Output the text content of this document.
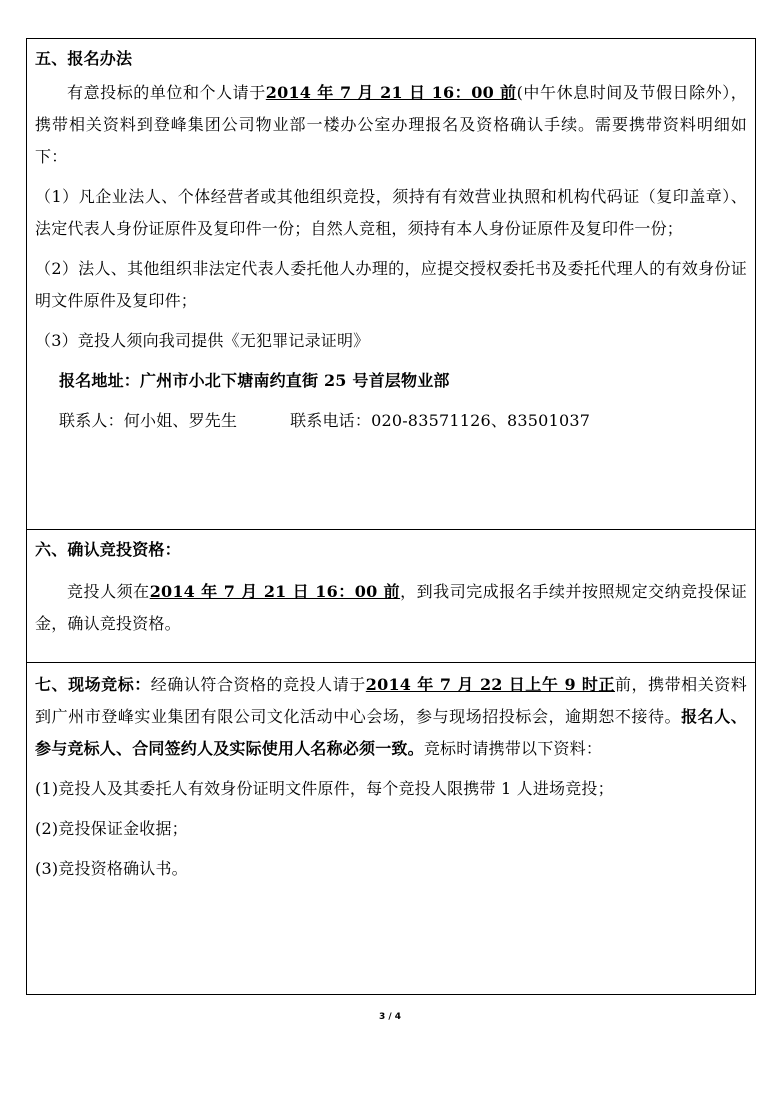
五、报名办法

有意投标的单位和个人请于2014 年 7 月 21 日 16：00 前(中午休息时间及节假日除外），携带相关资料到登峰集团公司物业部一楼办公室办理报名及资格确认手续。需要携带资料明细如下：

（1）凡企业法人、个体经营者或其他组织竞投，须持有有效营业执照和机构代码证（复印盖章）、法定代表人身份证原件及复印件一份；自然人竞租，须持有本人身份证原件及复印件一份；

（2）法人、其他组织非法定代表人委托他人办理的，应提交授权委托书及委托代理人的有效身份证明文件原件及复印件；

（3）竞投人须向我司提供《无犯罪记录证明》

报名地址：广州市小北下塘南约直街 25 号首层物业部

联系人：何小姐、罗先生	联系电话：020-83571126、83501037

六、确认竞投资格：

竞投人须在2014 年 7 月 21 日 16：00 前，到我司完成报名手续并按照规定交纳竞投保证金，确认竞投资格。

七、现场竞标：经确认符合资格的竞投人请于2014 年 7 月 22 日上午 9 时正前，携带相关资料到广州市登峰实业集团有限公司文化活动中心会场，参与现场招投标会，逾期恕不接待。报名人、参与竞标人、合同签约人及实际使用人名称必须一致。竞标时请携带以下资料：

(1)竞投人及其委托人有效身份证明文件原件，每个竞投人限携带 1 人进场竞投；

(2)竞投保证金收据；

(3)竞投资格确认书。

3 / 4
